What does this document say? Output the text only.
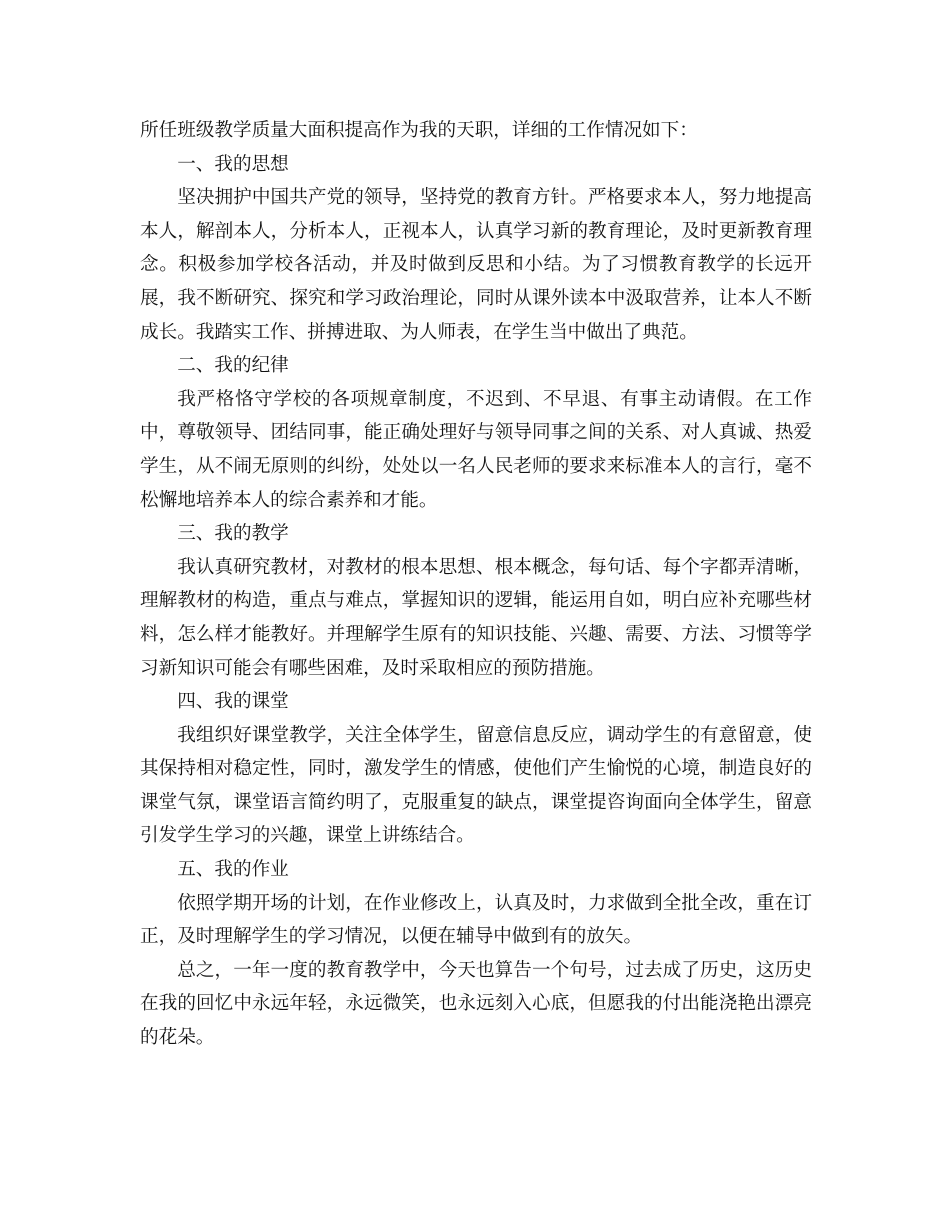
所任班级教学质量大面积提高作为我的天职，详细的工作情况如下：

一、我的思想

坚决拥护中国共产党的领导，坚持党的教育方针。严格要求本人，努力地提高本人，解剖本人，分析本人，正视本人，认真学习新的教育理论，及时更新教育理念。积极参加学校各活动，并及时做到反思和小结。为了习惯教育教学的长远开展，我不断研究、探究和学习政治理论，同时从课外读本中汲取营养，让本人不断成长。我踏实工作、拼搏进取、为人师表，在学生当中做出了典范。

二、我的纪律

我严格恪守学校的各项规章制度，不迟到、不早退、有事主动请假。在工作中，尊敬领导、团结同事，能正确处理好与领导同事之间的关系、对人真诚、热爱学生，从不闹无原则的纠纷，处处以一名人民老师的要求来标准本人的言行，毫不松懈地培养本人的综合素养和才能。

三、我的教学

我认真研究教材，对教材的根本思想、根本概念，每句话、每个字都弄清晰，理解教材的构造，重点与难点，掌握知识的逻辑，能运用自如，明白应补充哪些材料，怎么样才能教好。并理解学生原有的知识技能、兴趣、需要、方法、习惯等学习新知识可能会有哪些困难，及时采取相应的预防措施。

四、我的课堂

我组织好课堂教学，关注全体学生，留意信息反应，调动学生的有意留意，使其保持相对稳定性，同时，激发学生的情感，使他们产生愉悦的心境，制造良好的课堂气氛，课堂语言简约明了，克服重复的缺点，课堂提咨询面向全体学生，留意引发学生学习的兴趣，课堂上讲练结合。

五、我的作业

依照学期开场的计划，在作业修改上，认真及时，力求做到全批全改，重在订正，及时理解学生的学习情况，以便在辅导中做到有的放矢。

总之，一年一度的教育教学中，今天也算告一个句号，过去成了历史，这历史在我的回忆中永远年轻，永远微笑，也永远刻入心底，但愿我的付出能浇艳出漂亮的花朵。
